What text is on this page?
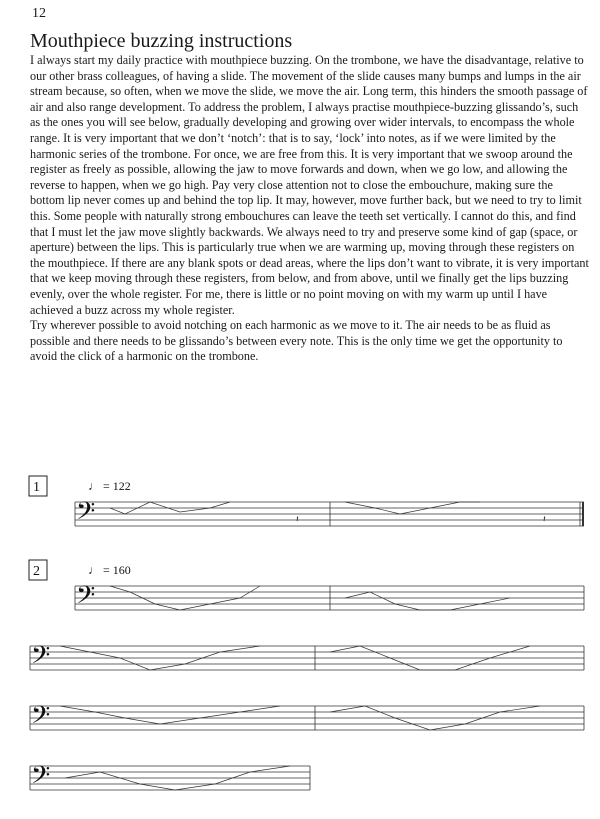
12
Mouthpiece buzzing instructions

I always start my daily practice with mouthpiece buzzing. On the trombone, we have the disadvantage, relative to our other brass colleagues, of having a slide. The movement of the slide causes many bumps and lumps in the air stream because, so often, when we move the slide, we move the air. Long term, this hinders the smooth passage of air and also range development. To address the problem, I always practise mouthpiece-buzzing glissando’s, such as the ones you will see below, gradually developing and growing over wider intervals, to encompass the whole range. It is very important that we don’t ‘notch’: that is to say, ‘lock’ into notes, as if we were limited by the harmonic series of the trombone. For once, we are free from this. It is very important that we swoop around the register as freely as possible, allowing the jaw to move forwards and down, when we go low, and allowing the reverse to happen, when we go high. Pay very close attention not to close the embouchure, making sure the bottom lip never comes up and behind the top lip. It may, however, move further back, but we need to try to limit this. Some people with naturally strong embouchures can leave the teeth set vertically. I cannot do this, and find that I must let the jaw move slightly backwards. We always need to try and preserve some kind of gap (space, or aperture) between the lips. This is particularly true when we are warming up, moving through these registers on the mouthpiece. If there are any blank spots or dead areas, where the lips don’t want to vibrate, it is very important that we keep moving through these registers, from below, and from above, until we finally get the lips buzzing evenly, over the whole register. For me, there is little or no point moving on with my warm up until I have achieved a buzz across my whole register.

Try wherever possible to avoid notching on each harmonic as we move to it. The air needs to be as fluid as possible and there needs to be glissando’s between every note. This is the only time we get the opportunity to avoid the click of a harmonic on the trombone.

1	♩ = 122
𝄢	𝄽	𝄽
2	♩ = 160
𝄢
𝄢
𝄢
𝄢
